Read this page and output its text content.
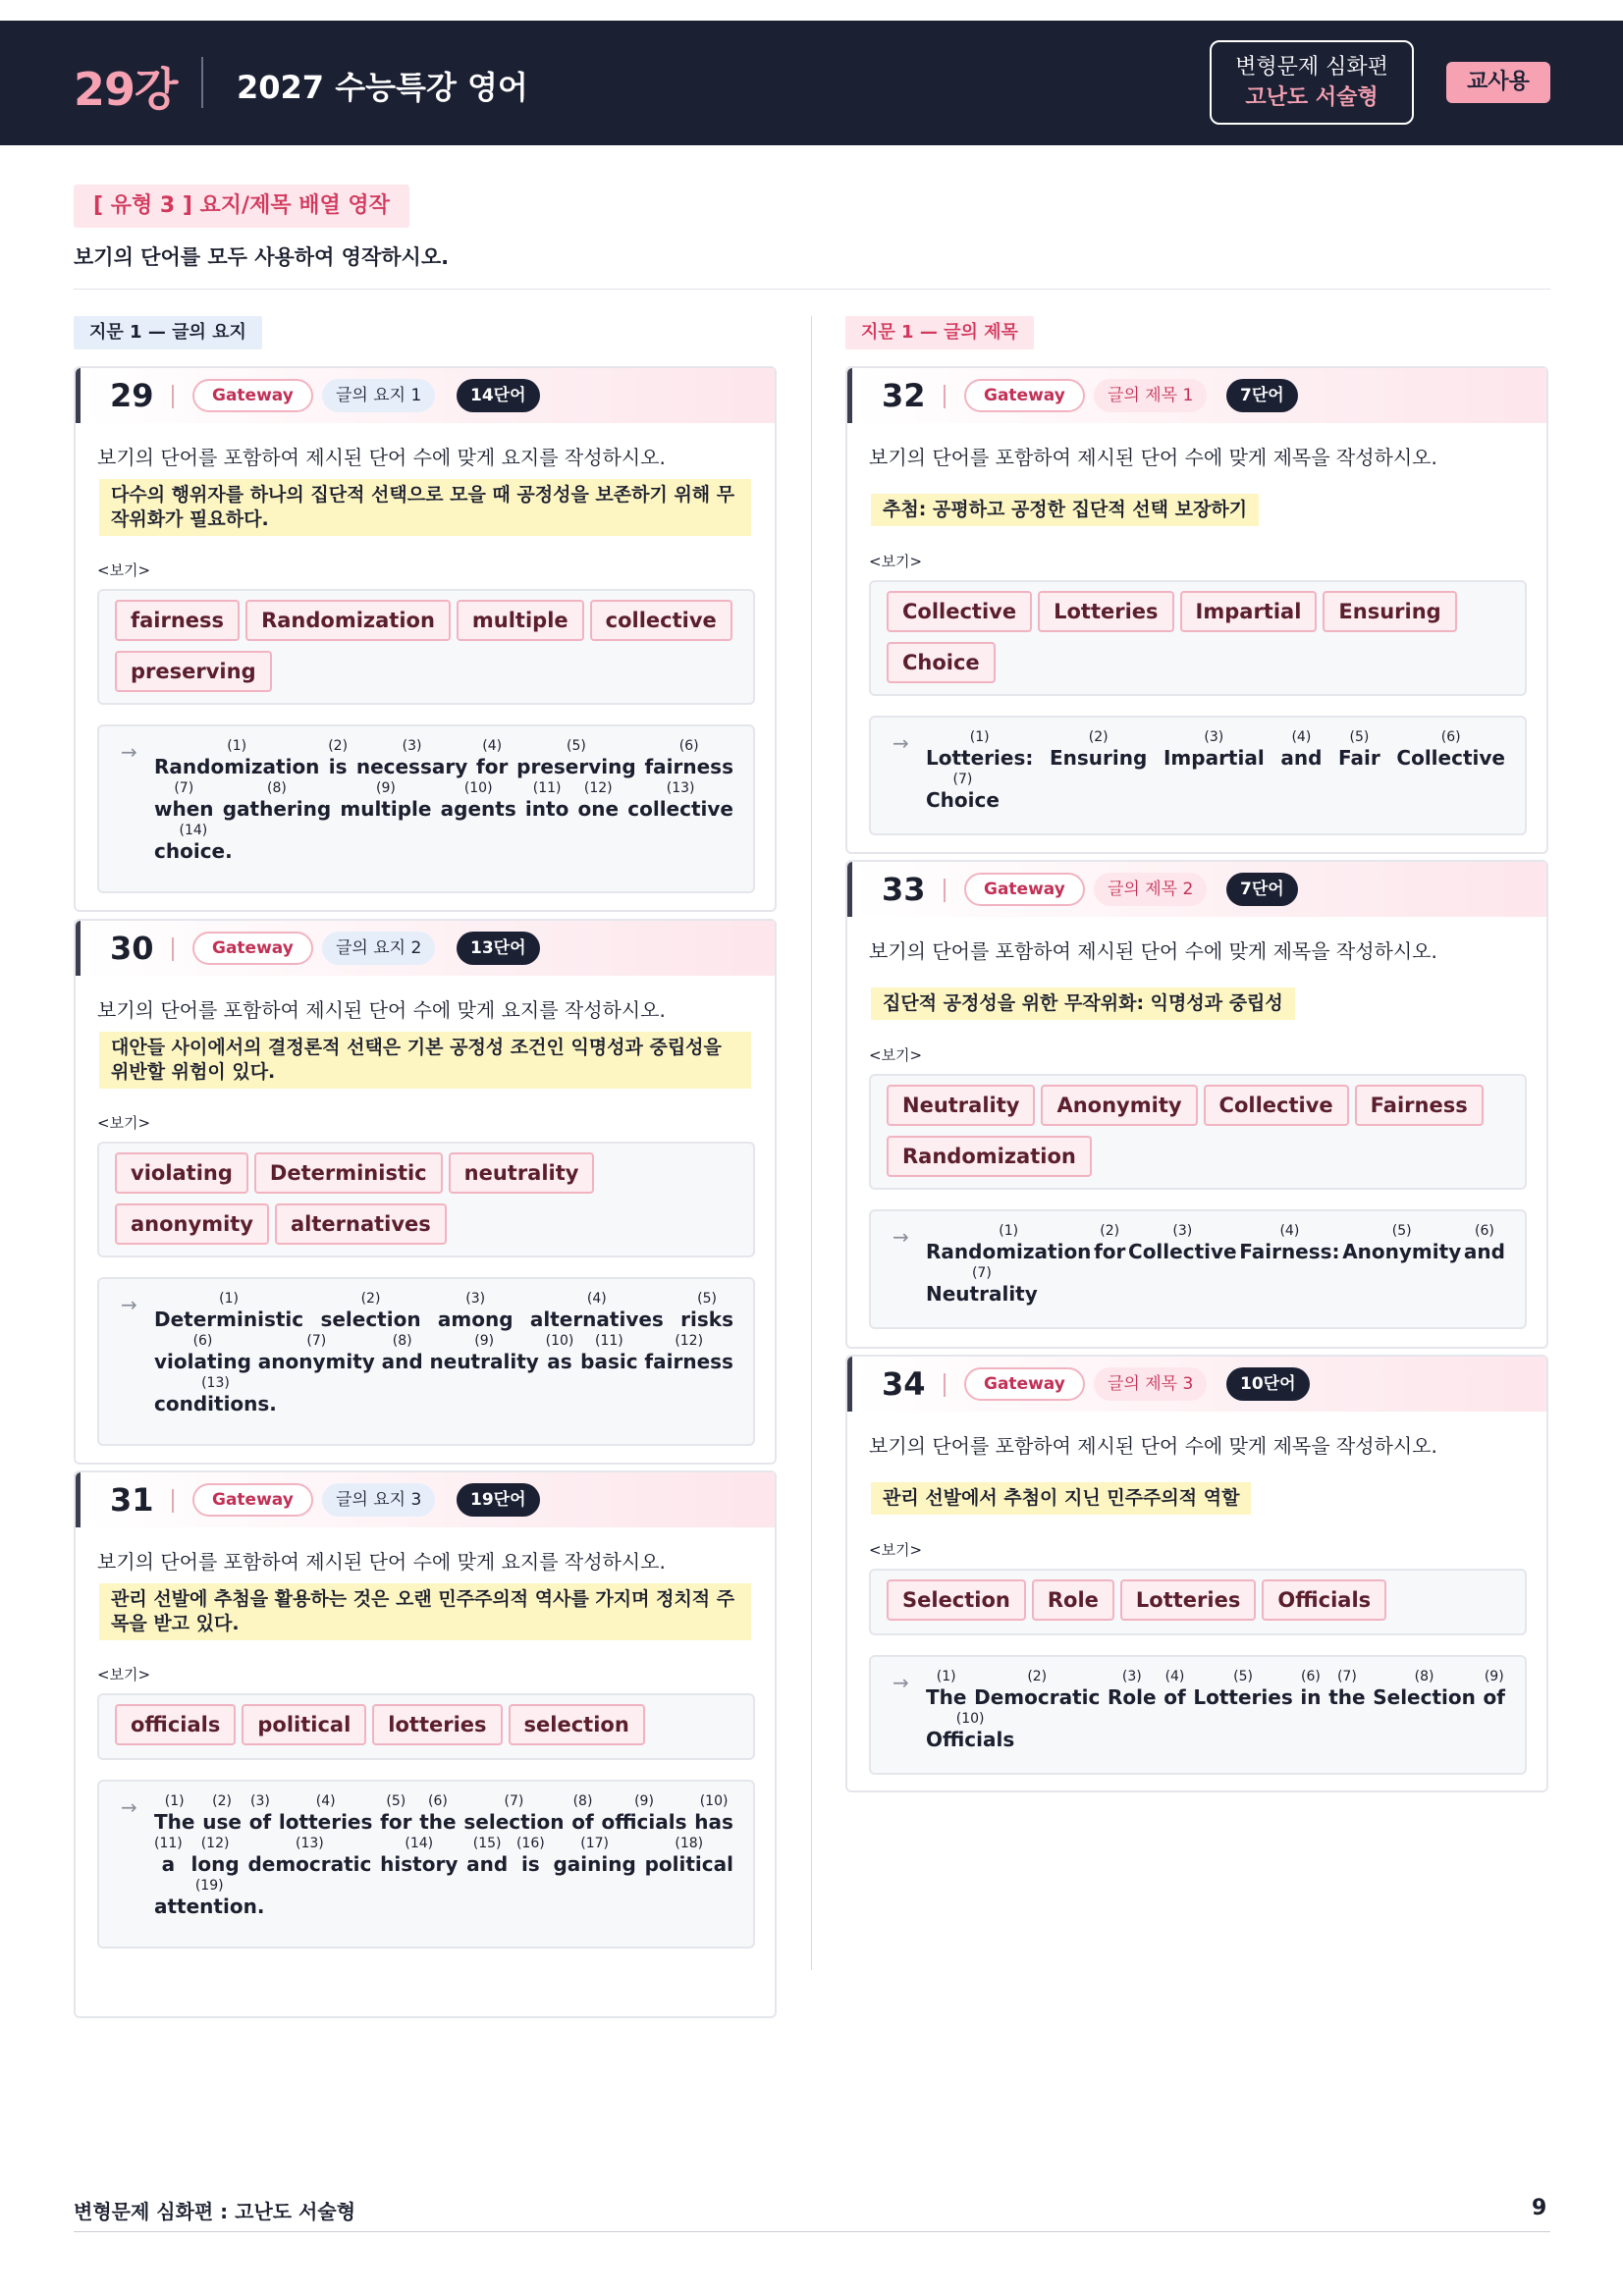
29강 2027 수능특강 영어
변형문제 심화편
고난도 서술형
교사용
[ 유형 3 ] 요지/제목 배열 영작
보기의 단어를 모두 사용하여 영작하시오.
지문 1 — 글의 요지	지문 1 — 글의 제목
29	Gateway	글의 요지 1	14단어
보기의 단어를 포함하여 제시된 단어 수에 맞게 요지를 작성하시오.
다수의 행위자를 하나의 집단적 선택으로 모을 때 공정성을 보존하기 위해 무작위화가 필요하다.
<보기>
fairness Randomization multiple collectivepreserving
→	(1)
Randomization
(2)
is
(3)
necessary
(4)
for
(5)
preserving
(6)
fairness
(7)
when
(8)
gathering
(9)
multiple
(10)
agents
(11)
into
(12)
one
(13)
collective
(14)
choice.
30	Gateway	글의 요지 2	13단어
보기의 단어를 포함하여 제시된 단어 수에 맞게 요지를 작성하시오.
대안들 사이에서의 결정론적 선택은 기본 공정성 조건인 익명성과 중립성을 위반할 위험이 있다.
<보기>
violating Deterministic neutralityanonymity alternatives
→	(1)
Deterministic
(2)
selection
(3)
among
(4)
alternatives
(5)
risks
(6)
violating
(7)
anonymity
(8)
and
(9)
neutrality
(10)
as
(11)
basic
(12)
fairness
(13)
conditions.
31	Gateway	글의 요지 3	19단어
보기의 단어를 포함하여 제시된 단어 수에 맞게 요지를 작성하시오.
관리 선발에 추첨을 활용하는 것은 오랜 민주주의적 역사를 가지며 정치적 주목을 받고 있다.
<보기>
officials political lotteries selection
→ (1)
The
(2)
use
(3)
of
(4)
lotteries
(5)
for
(6)
the
(7)
selection
(8)
of
(9)
officials
(10)
has
(11)
a
(12)
long
(13)
democratic
(14)
history
(15)
and
(16)
is
(17)
gaining
(18)
political
(19)
attention.
32	Gateway	글의 제목 1	7단어
보기의 단어를 포함하여 제시된 단어 수에 맞게 제목을 작성하시오.
추첨: 공평하고 공정한 집단적 선택 보장하기
<보기>
Collective Lotteries Impartial EnsuringChoice
→	(1)
Lotteries:
(2)
Ensuring
(3)
Impartial
(4)
and
(5)
Fair
(6)
Collective
(7)
Choice
33	Gateway	글의 제목 2	7단어
보기의 단어를 포함하여 제시된 단어 수에 맞게 제목을 작성하시오.
집단적 공정성을 위한 무작위화: 익명성과 중립성
<보기>
Neutrality Anonymity Collective FairnessRandomization
→	(1)
Randomization
(2)
for
(3)
Collective
(4)
Fairness:
(5)
Anonymity
(6)
and
(7)
Neutrality
34	Gateway	글의 제목 3	10단어
보기의 단어를 포함하여 제시된 단어 수에 맞게 제목을 작성하시오.
관리 선발에서 추첨이 지닌 민주주의적 역할
<보기>
Selection Role Lotteries Officials
→ (1)
The
(2)
Democratic
(3)
Role
(4)
of
(5)
Lotteries
(6)
in
(7)
the
(8)
Selection
(9)
of
(10)
Officials
변형문제 심화편 : 고난도 서술형	9
